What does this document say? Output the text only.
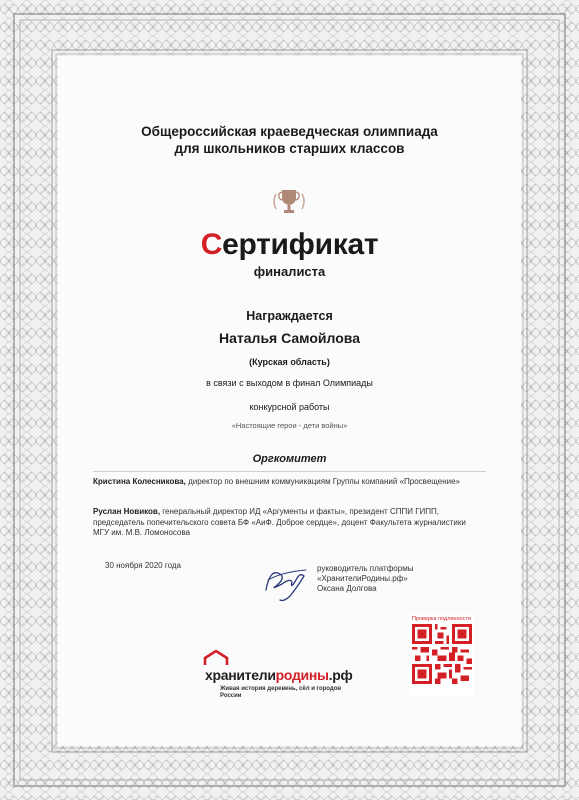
Общероссийская краеведческая олимпиада
для школьников старших классов
Сертификат
финалиста
Награждается
Наталья Самойлова
(Курская область)
в связи с выходом в финал Олимпиады
конкурсной работы
«Настоящие герои - дети войны»
Оргкомитет
Кристина Колесникова, директор по внешним коммуникациям Группы компаний «Просвещение»
Руслан Новиков, генеральный директор ИД «Аргументы и факты», президент СППИ ГИПП, председатель попечительского совета БФ «АиФ. Доброе сердце», доцент Факультета журналистики МГУ им. М.В. Ломоносова
30 ноября 2020 года	руководитель платформы
«ХранителиРодины.рф»
Оксана Долгова
Проверка подлинности
хранителиродины.рф
Живая история деревень, сёл и городов России
